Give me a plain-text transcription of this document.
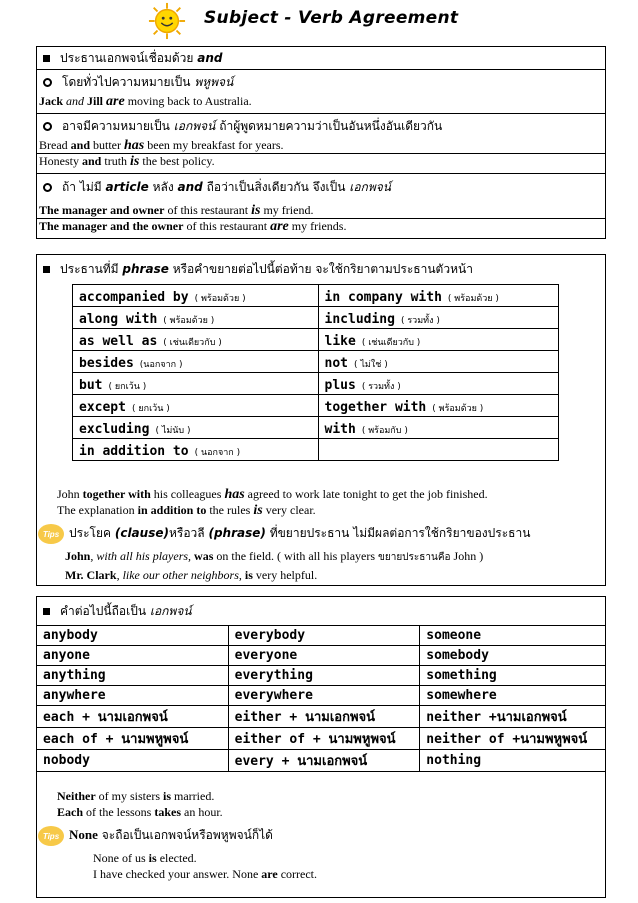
Subject - Verb Agreement
ประธานเอกพจน์เชื่อมด้วย and
โดยทั่วไปความหมายเป็น พหูพจน์
Jack and Jill are moving back to Australia.
อาจมีความหมายเป็น เอกพจน์ ถ้าผู้พูดหมายความว่าเป็นอันหนึ่งอันเดียวกัน
Bread and butter has been my breakfast for years.
Honesty and truth is the best policy.
ถ้า ไม่มี article หลัง and ถือว่าเป็นสิ่งเดียวกัน จึงเป็น เอกพจน์
The manager and owner of this restaurant is my friend.
The manager and the owner of this restaurant are my friends.
ประธานที่มี phrase หรือคำขยายต่อไปนี้ต่อท้าย จะใช้กริยาตามประธานตัวหน้า
accompanied by ( พร้อมด้วย )	in company with ( พร้อมด้วย )
along with ( พร้อมด้วย )	including ( รวมทั้ง )
as well as ( เช่นเดียวกับ )	like ( เช่นเดียวกับ )
besides (นอกจาก )	not ( ไม่ใช่ )
but ( ยกเว้น )	plus ( รวมทั้ง )
except ( ยกเว้น )	together with ( พร้อมด้วย )
excluding ( ไม่นับ )	with ( พร้อมกับ )
in addition to ( นอกจาก )	
John together with his colleagues has agreed to work late tonight to get the job finished.
The explanation in addition to the rules is very clear.
Tips ประโยค (clause)หรือวลี (phrase) ที่ขยายประธาน ไม่มีผลต่อการใช้กริยาของประธาน
John, with all his players, was on the field. ( with all his players ขยายประธานคือ John )
Mr. Clark, like our other neighbors, is very helpful.
คำต่อไปนี้ถือเป็น เอกพจน์
anybody	everybody	someone
anyone	everyone	somebody
anything	everything	something
anywhere	everywhere	somewhere
each + นามเอกพจน์	either + นามเอกพจน์	neither +นามเอกพจน์
each of + นามพหูพจน์	either of + นามพหูพจน์	neither of +นามพหูพจน์
nobody	every + นามเอกพจน์	nothing
Neither of my sisters is married.
Each of the lessons takes an hour.
Tips None จะถือเป็นเอกพจน์หรือพหูพจน์ก็ได้
None of us is elected.
I have checked your answer. None are correct.
